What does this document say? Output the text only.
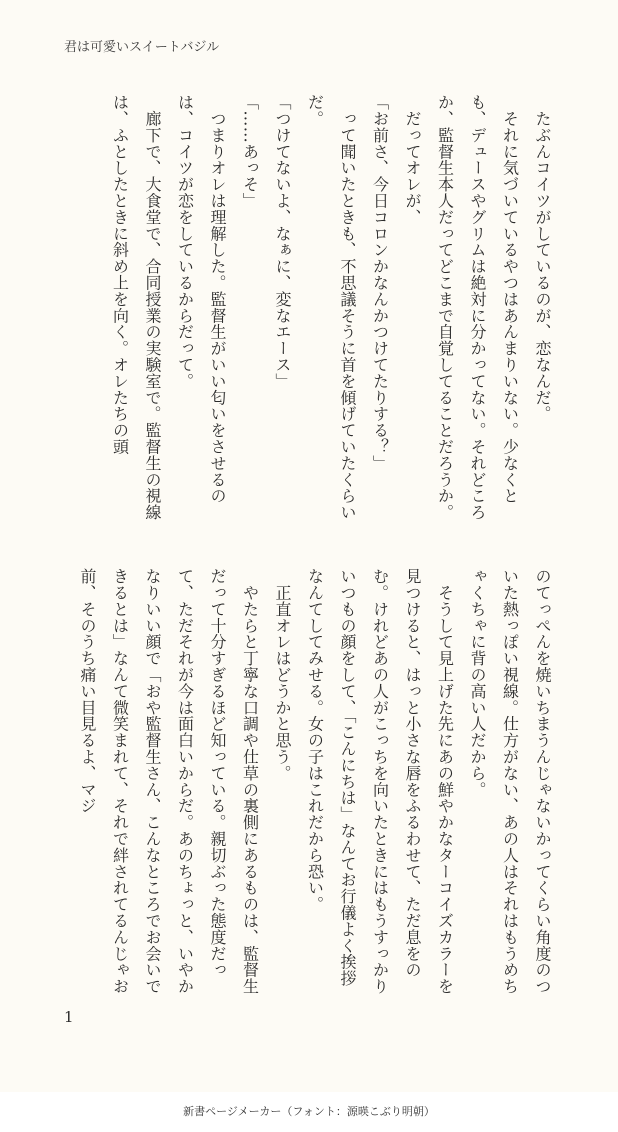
君は可愛いスイートバジル

　たぶんコイツがしているのが、恋なんだ。

　それに気づいているやつはあんまりいない。少なくとも、デュースやグリムは絶対に分かってない。それどころか、監督生本人だってどこまで自覚してることだろうか。

　だってオレが、

「お前さ、今日コロンかなんかつけてたりする？」

　って聞いたときも、不思議そうに首を傾げていたくらいだ。

「つけてないよ、なぁに、変なエース」

「……あっそ」

　つまりオレは理解した。監督生がいい匂いをさせるのは、コイツが恋をしているからだって。

　廊下で、大食堂で、合同授業の実験室で。監督生の視線は、ふとしたときに斜め上を向く。オレたちの頭

のてっぺんを焼いちまうんじゃないかってくらい角度のついた熱っぽい視線。仕方がない、あの人はそれはもうめちゃくちゃに背の高い人だから。

　そうして見上げた先にあの鮮やかなターコイズカラーを見つけると、はっと小さな唇をふるわせて、ただ息をのむ。けれどあの人がこっちを向いたときにはもうすっかりいつもの顔をして、「こんにちは」なんてお行儀よく挨拶なんてしてみせる。女の子はこれだから恐い。

　正直オレはどうかと思う。

　やたらと丁寧な口調や仕草の裏側にあるものは、監督生だって十分すぎるほど知っている。親切ぶった態度だって、ただそれが今は面白いからだ。あのちょっと、いやかなりいい顔で「おや監督生さん、こんなところでお会いできるとは」なんて微笑まれて、それで絆されてるんじゃお前、そのうち痛い目見るよ、マジ

1
新書ページメーカー（フォント：源暎こぶり明朝）
